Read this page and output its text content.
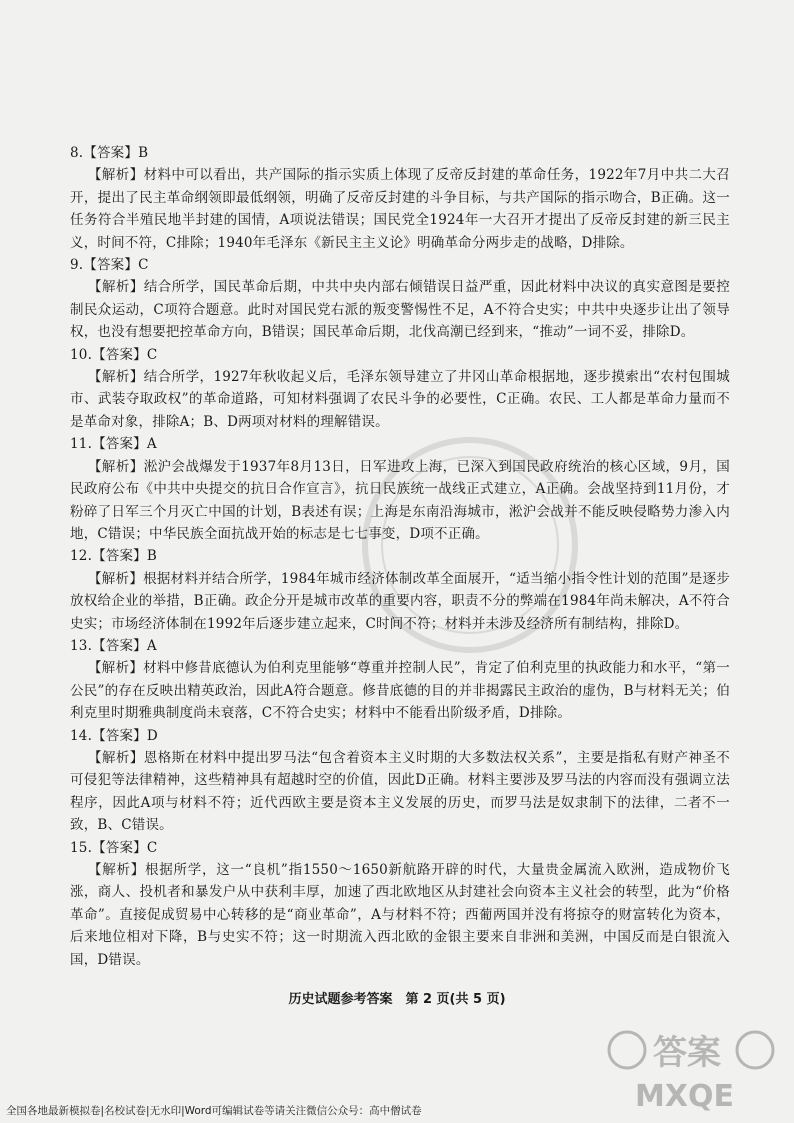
8.【答案】B

【解析】材料中可以看出，共产国际的指示实质上体现了反帝反封建的革命任务，1922年7月中共二大召开，提出了民主革命纲领即最低纲领，明确了反帝反封建的斗争目标，与共产国际的指示吻合，B正确。这一任务符合半殖民地半封建的国情，A项说法错误；国民党全1924年一大召开才提出了反帝反封建的新三民主义，时间不符，C排除；1940年毛泽东《新民主主义论》明确革命分两步走的战略，D排除。

9.【答案】C

【解析】结合所学，国民革命后期，中共中央内部右倾错误日益严重，因此材料中决议的真实意图是要控制民众运动，C项符合题意。此时对国民党右派的叛变警惕性不足，A不符合史实；中共中央逐步让出了领导权，也没有想要把控革命方向，B错误；国民革命后期，北伐高潮已经到来，“推动”一词不妥，排除D。

10.【答案】C

【解析】结合所学，1927年秋收起义后，毛泽东领导建立了井冈山革命根据地，逐步摸索出“农村包围城市、武装夺取政权”的革命道路，可知材料强调了农民斗争的必要性，C正确。农民、工人都是革命力量而不是革命对象，排除A；B、D两项对材料的理解错误。

11.【答案】A

【解析】淞沪会战爆发于1937年8月13日，日军进攻上海，已深入到国民政府统治的核心区域，9月，国民政府公布《中共中央提交的抗日合作宣言》，抗日民族统一战线正式建立，A正确。会战坚持到11月份，才粉碎了日军三个月灭亡中国的计划，B表述有误；上海是东南沿海城市，淞沪会战并不能反映侵略势力渗入内地，C错误；中华民族全面抗战开始的标志是七七事变，D项不正确。

12.【答案】B

【解析】根据材料并结合所学，1984年城市经济体制改革全面展开，“适当缩小指令性计划的范围”是逐步放权给企业的举措，B正确。政企分开是城市改革的重要内容，职责不分的弊端在1984年尚未解决，A不符合史实；市场经济体制在1992年后逐步建立起来，C时间不符；材料并未涉及经济所有制结构，排除D。

13.【答案】A

【解析】材料中修昔底德认为伯利克里能够“尊重并控制人民”，肯定了伯利克里的执政能力和水平，“第一公民”的存在反映出精英政治，因此A符合题意。修昔底德的目的并非揭露民主政治的虚伪，B与材料无关；伯利克里时期雅典制度尚未衰落，C不符合史实；材料中不能看出阶级矛盾，D排除。

14.【答案】D

【解析】恩格斯在材料中提出罗马法“包含着资本主义时期的大多数法权关系”，主要是指私有财产神圣不可侵犯等法律精神，这些精神具有超越时空的价值，因此D正确。材料主要涉及罗马法的内容而没有强调立法程序，因此A项与材料不符；近代西欧主要是资本主义发展的历史，而罗马法是奴隶制下的法律，二者不一致，B、C错误。

15.【答案】C

【解析】根据所学，这一“良机”指1550～1650新航路开辟的时代，大量贵金属流入欧洲，造成物价飞涨，商人、投机者和暴发户从中获利丰厚，加速了西北欧地区从封建社会向资本主义社会的转型，此为“价格革命”。直接促成贸易中心转移的是“商业革命”，A与材料不符；西葡两国并没有将掠夺的财富转化为资本，后来地位相对下降，B与史实不符；这一时期流入西北欧的金银主要来自非洲和美洲，中国反而是白银流入国，D错误。

历史试题参考答案　第 2 页(共 5 页)
答案
MXQE
全国各地最新模拟卷|名校试卷|无水印|Word可编辑试卷等请关注微信公众号：高中僧试卷
